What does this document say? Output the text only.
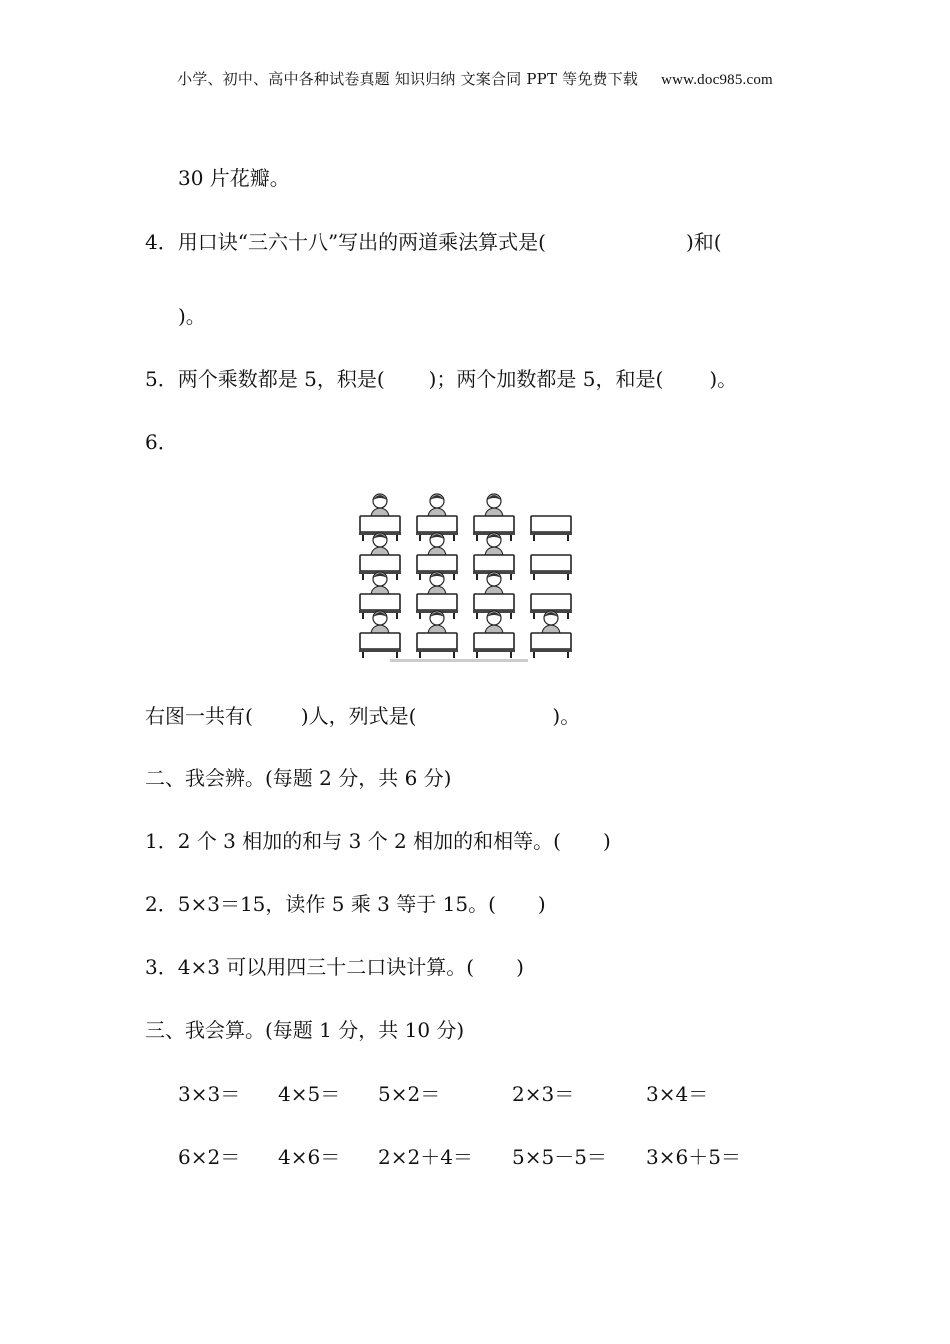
小学、初中、高中各种试卷真题 知识归纳 文案合同 PPT 等免费下载 www.doc985.com
30 片花瓣。
4．用口诀“三六十八”写出的两道乘法算式是(	)和(
)。
5．两个乘数都是 5，积是( )；两个加数都是 5，和是( )。
6．
右图一共有( )人，列式是(	)。
二、我会辨。(每题 2 分，共 6 分)
1．2 个 3 相加的和与 3 个 2 相加的和相等。( )
2．5×3＝15，读作 5 乘 3 等于 15。( )
3．4×3 可以用四三十二口诀计算。( )
三、我会算。(每题 1 分，共 10 分)
3×3＝ 4×5＝ 5×2＝	2×3＝	3×4＝
6×2＝ 4×6＝ 2×2＋4＝ 5×5－5＝ 3×6＋5＝
